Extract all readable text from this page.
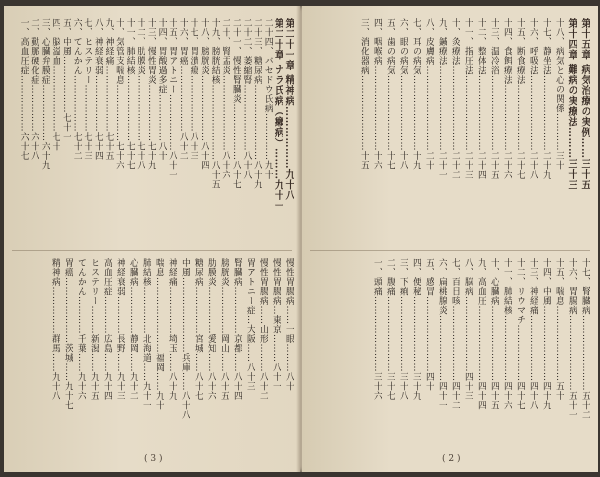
第二十一章 精神病………………九十八
第二十章 ナラ氏病（癩病）………九十一
二十四、バセドウ氏病……………九十
二十三、糖尿病……………………八十九
二十二、萎縮腎…………………八十八
二十一、慢性腎臓炎………………八十七
二十、腎盂炎……………………八十六
十九、膀胱結核……………………八十五
十八、膀胱炎…………………八十四
十七、胃潰瘍………………八十三
十六、胃癌…………………八十二
十五、胃アトニー………………八十一
十四、胃酸過多症……………八十
十三、慢性胃炎………………七十九
十二、肋膜炎…………………七十八
十一、肺結核…………………七十七
十、気管支喘息………………七十六
九、神経痛…………………七十五
八、神経衰弱………………七十四
七、ヒステリー……………七十三
六、てんかん………………七十二
五、中風………………七十一
四、脳溢血…………………七十
三、心臓弁膜症………………六十九
二、動脈硬化症……………六十八
一、高血圧症………………六十七
慢性胃腸病……一眼………八十
慢性胃腸病…東京………八十一
慢性胃腸病……山形………八十二
胃アトニー症…大阪……八十三
腎臓病……………京都……八十四
膀胱炎……………岡山……八十五
肋膜炎……………愛知……八十六
糖尿病……………宮城……八十七
中風……………………兵庫……八十八
神経痛……………埼玉……八十九
喘息……………………福岡……九十
肺結核……………北海道……九十一
心臓病……………静岡……九十二
神経衰弱…………長野……九十三
高血圧症…………広島……九十四
ヒステリー………新潟……九十五
てんかん…………千葉……九十六
胃癌…………………茨城……九十七
精神病……………群馬……九十八
( 3 )
第十五章 病気治療の実例……三十五
第十四章 難病の実療法………三十三
十八、病気と心の関係…………三十
十七、静坐法……………………二十九
十六、呼吸法……………………二十八
十五、断食療法…………………二十七
十四、食餌療法…………………二十六
十三、温冷浴……………………二十五
十二、整体法……………………二十四
十一、指圧法……………………二十三
十、灸療法………………………二十二
九、鍼療法………………………二十一
八、皮膚病………………………二十
七、耳の病気……………………十九
六、眼の病気……………………十八
五、歯の病気……………………十七
四、咽喉病………………………十六
三、消化器病……………………十五
十七、腎臓病……………………五十二
十六、胃腸病……………………五十一
十五、喘息……………………五十
十四、中風……………………四十九
十三、神経痛…………………四十八
十二、リウマチ………………四十七
十一、肺結核…………………四十六
十、心臓病……………………四十五
九、高血圧……………………四十四
八、脳病……………………四十三
七、百日咳……………………四十二
六、扁桃腺炎…………………四十一
五、感冒……………………四十
四、便秘……………………三十九
三、下痢……………………三十八
二、腹痛……………………三十七
一、頭痛……………………三十六
( 2 )
